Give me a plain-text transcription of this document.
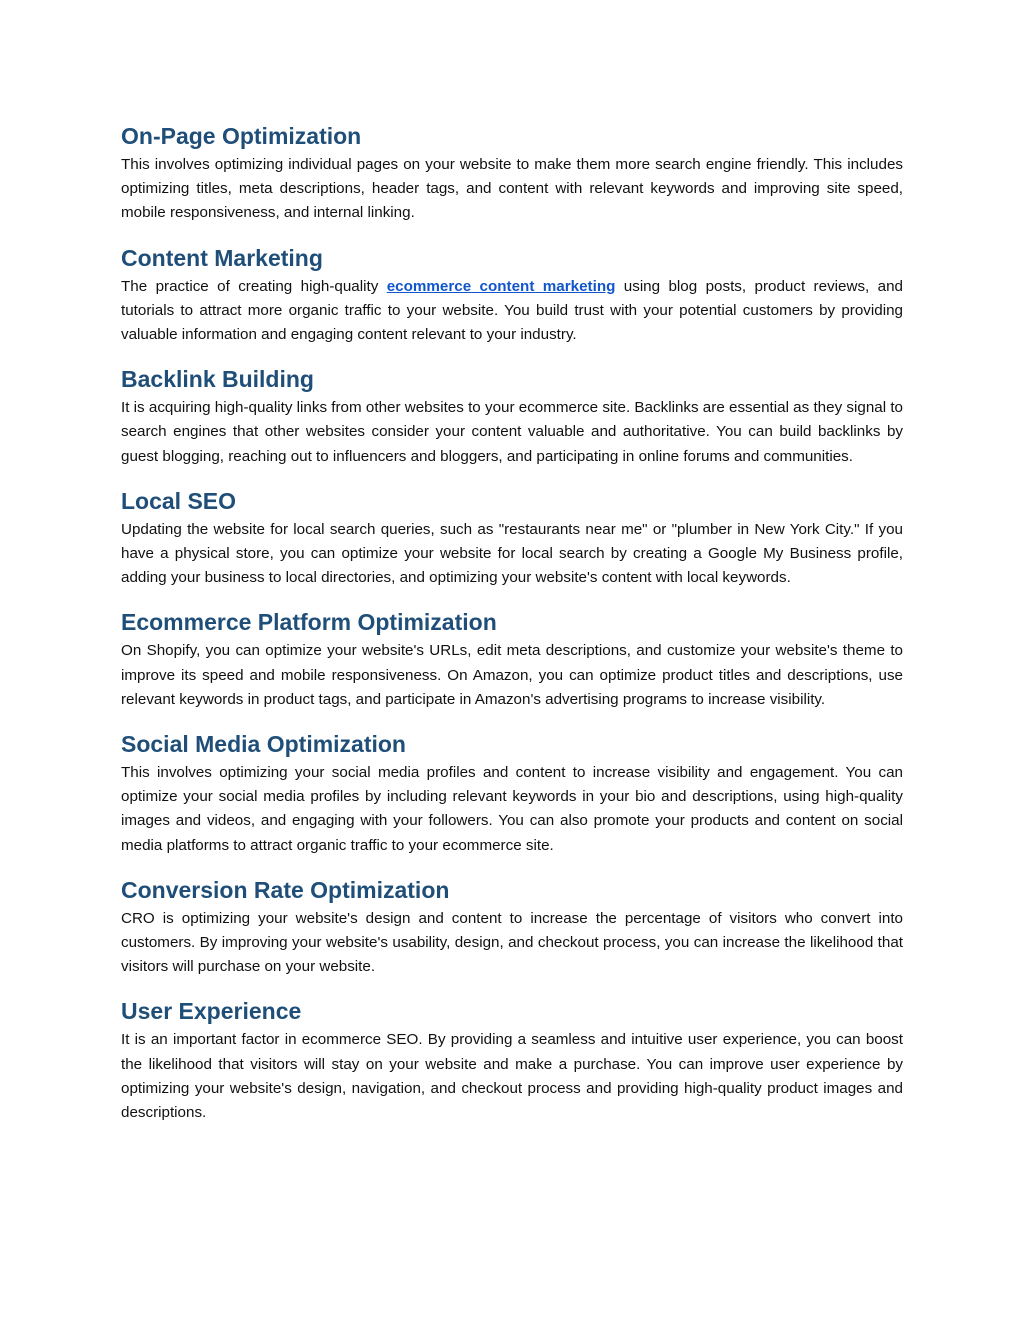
On-Page Optimization

This involves optimizing individual pages on your website to make them more search engine friendly. This includes optimizing titles, meta descriptions, header tags, and content with relevant keywords and improving site speed, mobile responsiveness, and internal linking.

Content Marketing

The practice of creating high-quality ecommerce content marketing using blog posts, product reviews, and tutorials to attract more organic traffic to your website. You build trust with your potential customers by providing valuable information and engaging content relevant to your industry.

Backlink Building

It is acquiring high-quality links from other websites to your ecommerce site. Backlinks are essential as they signal to search engines that other websites consider your content valuable and authoritative. You can build backlinks by guest blogging, reaching out to influencers and bloggers, and participating in online forums and communities.

Local SEO

Updating the website for local search queries, such as "restaurants near me" or "plumber in New York City." If you have a physical store, you can optimize your website for local search by creating a Google My Business profile, adding your business to local directories, and optimizing your website's content with local keywords.

Ecommerce Platform Optimization

On Shopify, you can optimize your website's URLs, edit meta descriptions, and customize your website's theme to improve its speed and mobile responsiveness. On Amazon, you can optimize product titles and descriptions, use relevant keywords in product tags, and participate in Amazon's advertising programs to increase visibility.

Social Media Optimization

This involves optimizing your social media profiles and content to increase visibility and engagement. You can optimize your social media profiles by including relevant keywords in your bio and descriptions, using high-quality images and videos, and engaging with your followers. You can also promote your products and content on social media platforms to attract organic traffic to your ecommerce site.

Conversion Rate Optimization

CRO is optimizing your website's design and content to increase the percentage of visitors who convert into customers. By improving your website's usability, design, and checkout process, you can increase the likelihood that visitors will purchase on your website.

User Experience

It is an important factor in ecommerce SEO. By providing a seamless and intuitive user experience, you can boost the likelihood that visitors will stay on your website and make a purchase. You can improve user experience by optimizing your website's design, navigation, and checkout process and providing high-quality product images and descriptions.
